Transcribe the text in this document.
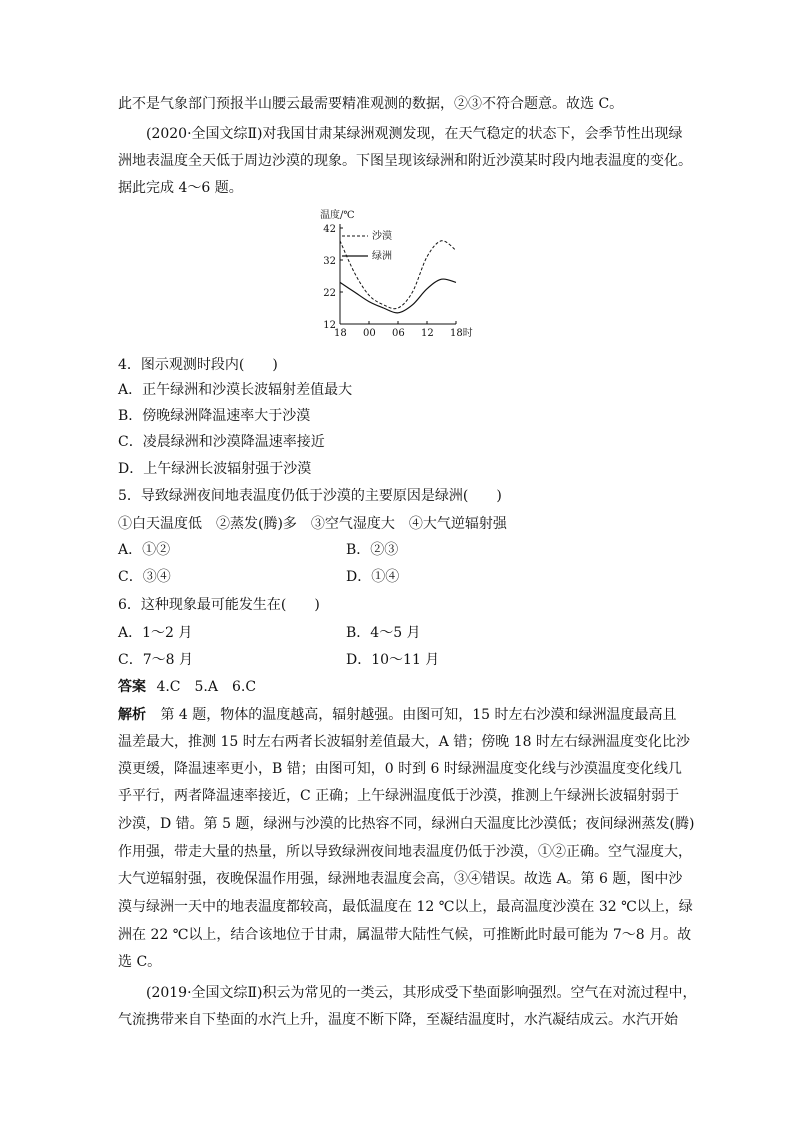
此不是气象部门预报半山腰云最需要精准观测的数据，②③不符合题意。故选 C。
(2020·全国文综Ⅱ)对我国甘肃某绿洲观测发现，在天气稳定的状态下，会季节性出现绿
洲地表温度全天低于周边沙漠的现象。下图呈现该绿洲和附近沙漠某时段内地表温度的变化。
据此完成 4～6 题。
温度/℃
12
22
32
42
18 00 06 12 18时
沙漠
绿洲
4．图示观测时段内(　　)
A．正午绿洲和沙漠长波辐射差值最大
B．傍晚绿洲降温速率大于沙漠
C．凌晨绿洲和沙漠降温速率接近
D．上午绿洲长波辐射强于沙漠
5．导致绿洲夜间地表温度仍低于沙漠的主要原因是绿洲(　　)
①白天温度低　②蒸发(腾)多　③空气湿度大　④大气逆辐射强
A．①②	B．②③
C．③④	D．①④
6．这种现象最可能发生在(　　)
A．1～2 月	B．4～5 月
C．7～8 月	D．10～11 月
答案 4.C　5.A　6.C
解析 第 4 题，物体的温度越高，辐射越强。由图可知，15 时左右沙漠和绿洲温度最高且
温差最大，推测 15 时左右两者长波辐射差值最大，A 错；傍晚 18 时左右绿洲温度变化比沙
漠更缓，降温速率更小，B 错；由图可知，0 时到 6 时绿洲温度变化线与沙漠温度变化线几
乎平行，两者降温速率接近，C 正确；上午绿洲温度低于沙漠，推测上午绿洲长波辐射弱于
沙漠，D 错。第 5 题，绿洲与沙漠的比热容不同，绿洲白天温度比沙漠低；夜间绿洲蒸发(腾)
作用强，带走大量的热量，所以导致绿洲夜间地表温度仍低于沙漠，①②正确。空气湿度大，
大气逆辐射强，夜晚保温作用强，绿洲地表温度会高，③④错误。故选 A。第 6 题，图中沙
漠与绿洲一天中的地表温度都较高，最低温度在 12 ℃以上，最高温度沙漠在 32 ℃以上，绿
洲在 22 ℃以上，结合该地位于甘肃，属温带大陆性气候，可推断此时最可能为 7～8 月。故
选 C。
(2019·全国文综Ⅱ)积云为常见的一类云，其形成受下垫面影响强烈。空气在对流过程中，
气流携带来自下垫面的水汽上升，温度不断下降，至凝结温度时，水汽凝结成云。水汽开始
